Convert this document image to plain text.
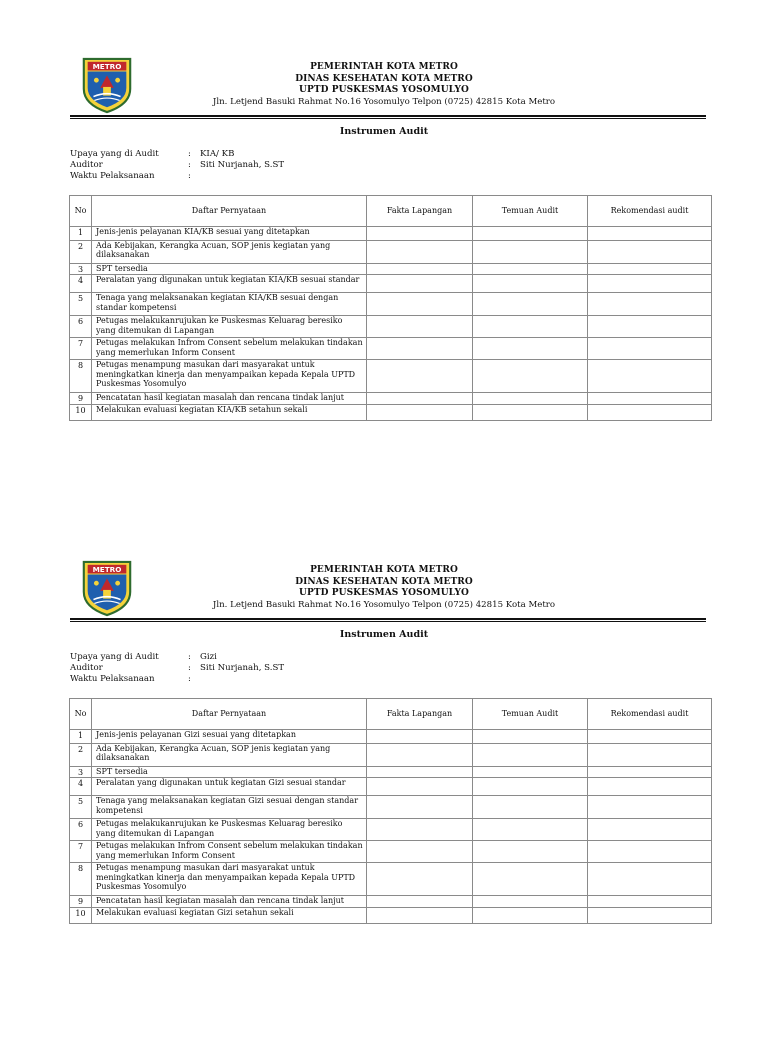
METRO	PEMERINTAH KOTA METRO
DINAS KESEHATAN KOTA METRO
UPTD PUSKESMAS YOSOMULYO
Jln. Letjend Basuki Rahmat No.16 Yosomulyo Telpon (0725) 42815 Kota Metro
Instrumen Audit
Upaya yang di Audit	:	KIA/ KB
Auditor	:	Siti Nurjanah, S.ST
Waktu Pelaksanaan	:
No	Daftar Pernyataan	Fakta Lapangan	Temuan Audit	Rekomendasi audit
1	Jenis-jenis pelayanan KIA/KB sesuai yang ditetapkan			
2	Ada Kebijakan, Kerangka Acuan, SOP jenis kegiatan yang dilaksanakan			
3	SPT tersedia			
4	Peralatan yang digunakan untuk kegiatan KIA/KB sesuai standar			
5	Tenaga yang melaksanakan kegiatan KIA/KB sesuai dengan standar kompetensi			
6	Petugas melakukanrujukan ke Puskesmas Keluarag beresiko yang ditemukan di Lapangan			
7	Petugas melakukan Infrom Consent sebelum melakukan tindakan yang memerlukan Inform Consent			
8	Petugas menampung masukan dari masyarakat untuk meningkatkan kinerja dan menyampaikan kepada Kepala UPTD Puskesmas Yosomulyo			
9	Pencatatan hasil kegiatan masalah dan rencana tindak lanjut			
10	Melakukan evaluasi kegiatan KIA/KB setahun sekali			
METRO	PEMERINTAH KOTA METRO
DINAS KESEHATAN KOTA METRO
UPTD PUSKESMAS YOSOMULYO
Jln. Letjend Basuki Rahmat No.16 Yosomulyo Telpon (0725) 42815 Kota Metro
Instrumen Audit
Upaya yang di Audit	:	Gizi
Auditor	:	Siti Nurjanah, S.ST
Waktu Pelaksanaan	:
No	Daftar Pernyataan	Fakta Lapangan	Temuan Audit	Rekomendasi audit
1	Jenis-jenis pelayanan Gizi sesuai yang ditetapkan			
2	Ada Kebijakan, Kerangka Acuan, SOP jenis kegiatan yang dilaksanakan			
3	SPT tersedia			
4	Peralatan yang digunakan untuk kegiatan Gizi sesuai standar			
5	Tenaga yang melaksanakan kegiatan Gizi sesuai dengan standar kompetensi			
6	Petugas melakukanrujukan ke Puskesmas Keluarag beresiko yang ditemukan di Lapangan			
7	Petugas melakukan Infrom Consent sebelum melakukan tindakan yang memerlukan Inform Consent			
8	Petugas menampung masukan dari masyarakat untuk meningkatkan kinerja dan menyampaikan kepada Kepala UPTD Puskesmas Yosomulyo			
9	Pencatatan hasil kegiatan masalah dan rencana tindak lanjut			
10	Melakukan evaluasi kegiatan Gizi setahun sekali			
